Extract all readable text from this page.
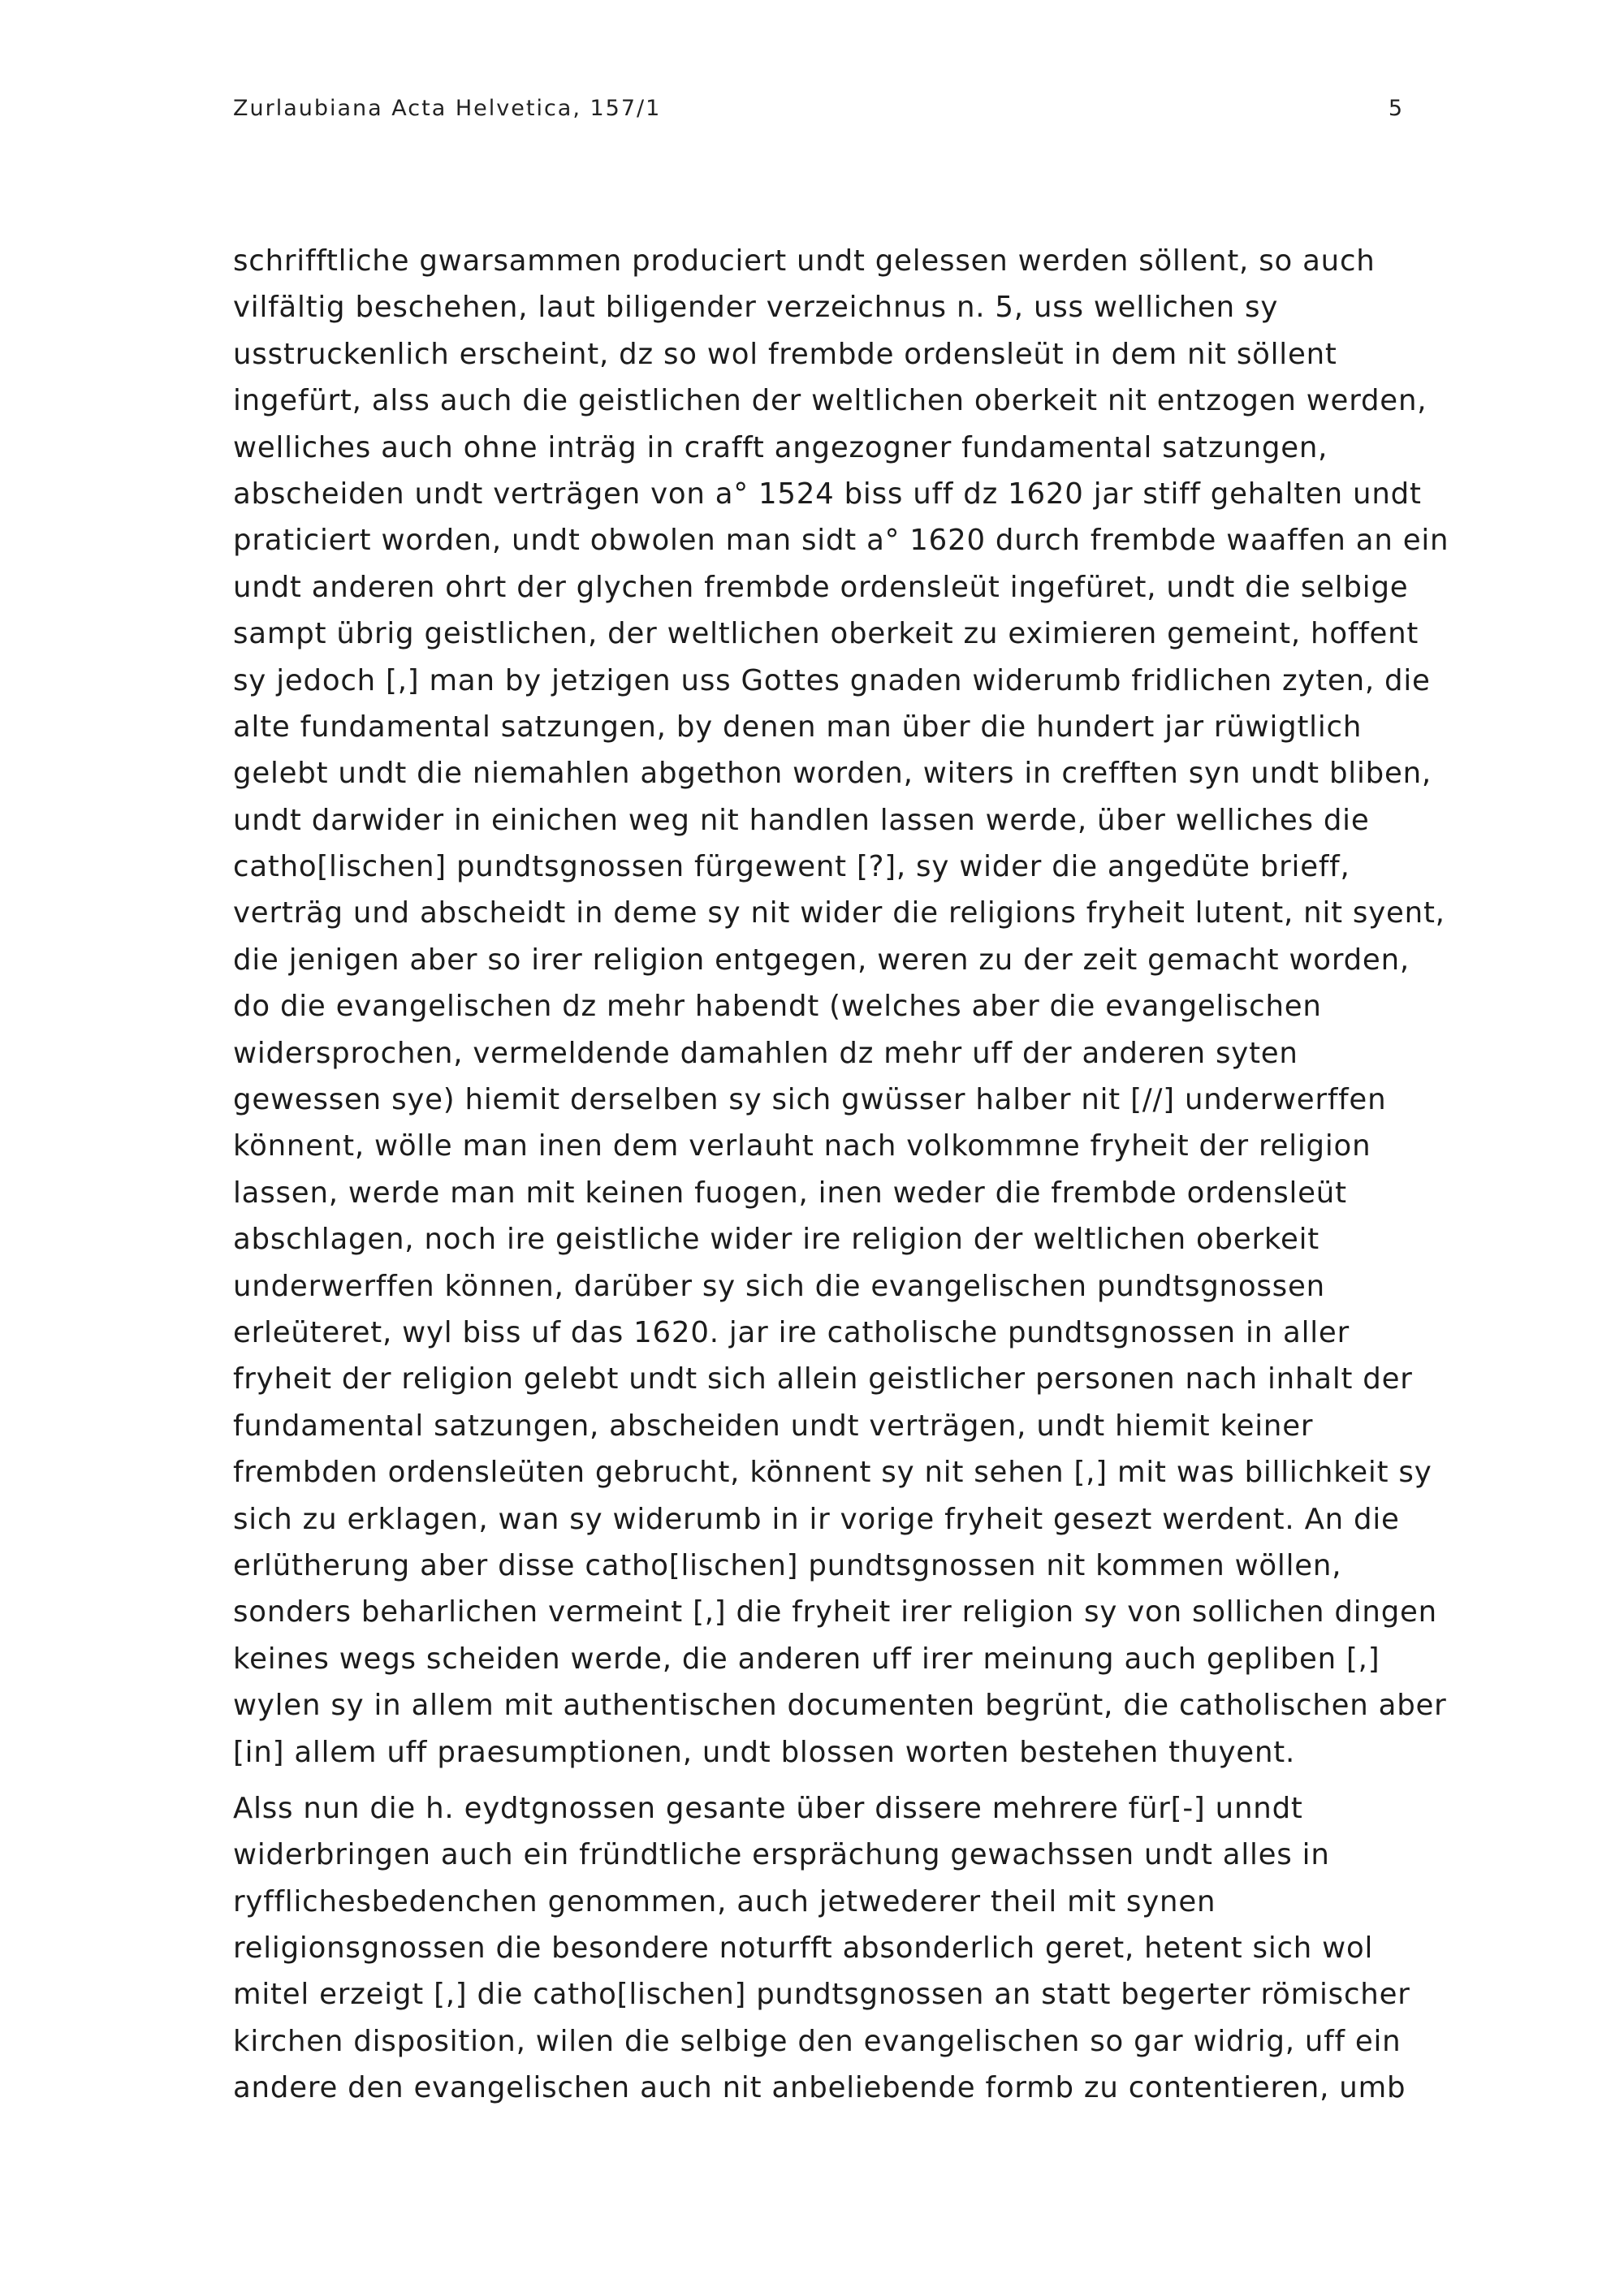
Zurlaubiana Acta Helvetica, 157/1	5
schrifftliche gwarsammen produciert undt gelessen werden söllent, so auch
vilfältig beschehen, laut biligender verzeichnus n. 5, uss wellichen sy
usstruckenlich erscheint, dz so wol frembde ordensleüt in dem nit söllent
ingefürt, alss auch die geistlichen der weltlichen oberkeit nit entzogen werden,
welliches auch ohne inträg in crafft angezogner fundamental satzungen,
abscheiden undt verträgen von a° 1524 biss uff dz 1620 jar stiff gehalten undt
praticiert worden, undt obwolen man sidt a° 1620 durch frembde waaffen an ein
undt anderen ohrt der glychen frembde ordensleüt ingefüret, undt die selbige
sampt übrig geistlichen, der weltlichen oberkeit zu eximieren gemeint, hoffent
sy jedoch [,] man by jetzigen uss Gottes gnaden widerumb fridlichen zyten, die
alte fundamental satzungen, by denen man über die hundert jar rüwigtlich
gelebt undt die niemahlen abgethon worden, witers in crefften syn undt bliben,
undt darwider in einichen weg nit handlen lassen werde, über welliches die
catho[lischen] pundtsgnossen fürgewent [?], sy wider die angedüte brieff,
verträg und abscheidt in deme sy nit wider die religions fryheit lutent, nit syent,
die jenigen aber so irer religion entgegen, weren zu der zeit gemacht worden,
do die evangelischen dz mehr habendt (welches aber die evangelischen
widersprochen, vermeldende damahlen dz mehr uff der anderen syten
gewessen sye) hiemit derselben sy sich gwüsser halber nit [//] underwerffen
könnent, wölle man inen dem verlauht nach volkommne fryheit der religion
lassen, werde man mit keinen fuogen, inen weder die frembde ordensleüt
abschlagen, noch ire geistliche wider ire religion der weltlichen oberkeit
underwerffen können, darüber sy sich die evangelischen pundtsgnossen
erleüteret, wyl biss uf das 1620. jar ire catholische pundtsgnossen in aller
fryheit der religion gelebt undt sich allein geistlicher personen nach inhalt der
fundamental satzungen, abscheiden undt verträgen, undt hiemit keiner
frembden ordensleüten gebrucht, könnent sy nit sehen [,] mit was billichkeit sy
sich zu erklagen, wan sy widerumb in ir vorige fryheit gesezt werdent. An die
erlütherung aber disse catho[lischen] pundtsgnossen nit kommen wöllen,
sonders beharlichen vermeint [,] die fryheit irer religion sy von sollichen dingen
keines wegs scheiden werde, die anderen uff irer meinung auch gepliben [,]
wylen sy in allem mit authentischen documenten begrünt, die catholischen aber
[in] allem uff praesumptionen, undt blossen worten bestehen thuyent.
Alss nun die h. eydtgnossen gesante über dissere mehrere für[-] unndt
widerbringen auch ein fründtliche ersprächung gewachssen undt alles in
ryfflichesbedenchen genommen, auch jetwederer theil mit synen
religionsgnossen die besondere noturfft absonderlich geret, hetent sich wol
mitel erzeigt [,] die catho[lischen] pundtsgnossen an statt begerter römischer
kirchen disposition, wilen die selbige den evangelischen so gar widrig, uff ein
andere den evangelischen auch nit anbeliebende formb zu contentieren, umb
